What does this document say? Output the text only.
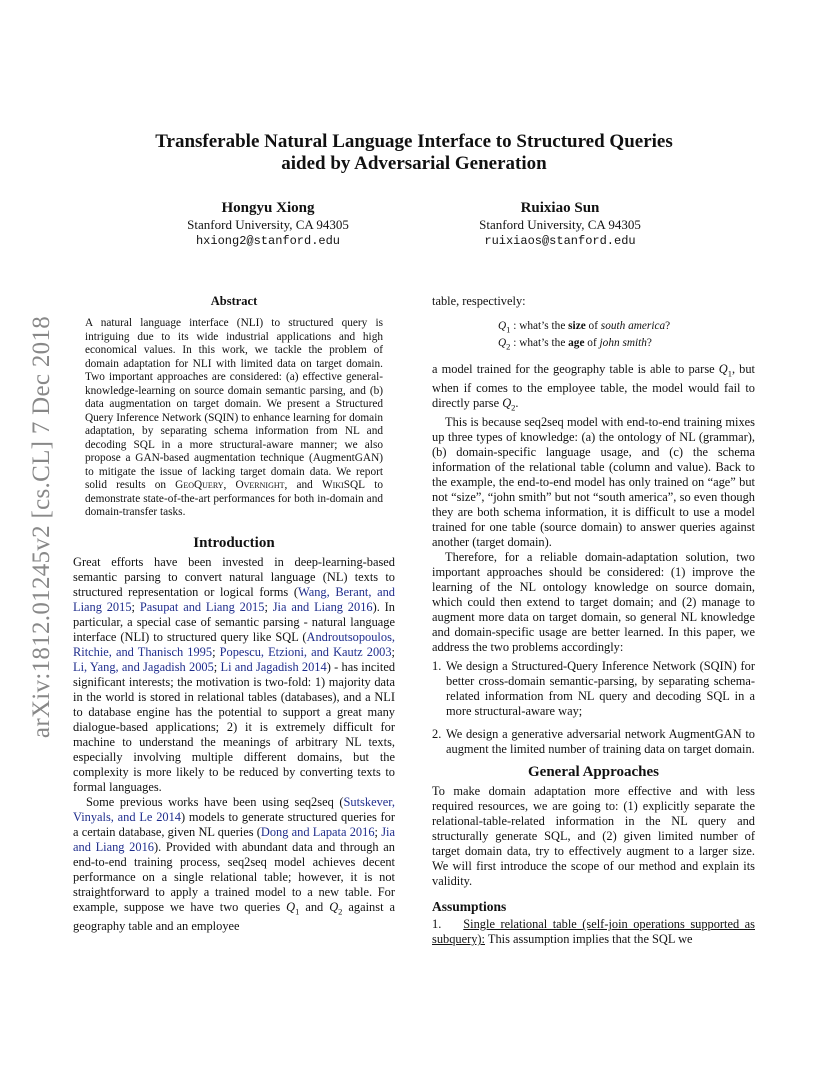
arXiv:1812.01245v2 [cs.CL] 7 Dec 2018
Transferable Natural Language Interface to Structured Queries
aided by Adversarial Generation
Hongyu Xiong
Stanford University, CA 94305
hxiong2@stanford.edu
Ruixiao Sun
Stanford University, CA 94305
ruixiaos@stanford.edu
Abstract

A natural language interface (NLI) to structured query is intriguing due to its wide industrial applications and high economical values. In this work, we tackle the problem of domain adaptation for NLI with limited data on target domain. Two important approaches are considered: (a) effective general-knowledge-learning on source domain semantic parsing, and (b) data augmentation on target domain. We present a Structured Query Inference Network (SQIN) to enhance learning for domain adaptation, by separating schema information from NL and decoding SQL in a more structural-aware manner; we also propose a GAN-based augmentation technique (AugmentGAN) to mitigate the issue of lacking target domain data. We report solid results on GeoQuery, Overnight, and WikiSQL to demonstrate state-of-the-art performances for both in-domain and domain-transfer tasks.

Introduction

Great efforts have been invested in deep-learning-based semantic parsing to convert natural language (NL) texts to structured representation or logical forms (Wang, Berant, and Liang 2015; Pasupat and Liang 2015; Jia and Liang 2016). In particular, a special case of semantic parsing - natural language interface (NLI) to structured query like SQL (Androutsopoulos, Ritchie, and Thanisch 1995; Popescu, Etzioni, and Kautz 2003; Li, Yang, and Jagadish 2005; Li and Jagadish 2014) - has incited significant interests; the motivation is two-fold: 1) majority data in the world is stored in relational tables (databases), and a NLI to database engine has the potential to support a great many dialogue-based applications; 2) it is extremely difficult for machine to understand the meanings of arbitrary NL texts, especially involving multiple different domains, but the complexity is more likely to be reduced by converting texts to formal languages.

Some previous works have been using seq2seq (Sutskever, Vinyals, and Le 2014) models to generate structured queries for a certain database, given NL queries (Dong and Lapata 2016; Jia and Liang 2016). Provided with abundant data and through an end-to-end training process, seq2seq model achieves decent performance on a single relational table; however, it is not straightforward to apply a trained model to a new table. For example, suppose we have two queries $Q_1$ and $Q_2$ against a geography table and an employee

table, respectively:

$Q_1$ : what’s the size of south america?
$Q_2$ : what’s the age of john smith?

a model trained for the geography table is able to parse $Q_1$, but when if comes to the employee table, the model would fail to directly parse $Q_2$.

This is because seq2seq model with end-to-end training mixes up three types of knowledge: (a) the ontology of NL (grammar), (b) domain-specific language usage, and (c) the schema information of the relational table (column and value). Back to the example, the end-to-end model has only trained on “age” but not “size”, “john smith” but not “south america”, so even though they are both schema information, it is difficult to use a model trained for one table (source domain) to answer queries against another (target domain).

Therefore, for a reliable domain-adaptation solution, two important approaches should be considered: (1) improve the learning of the NL ontology knowledge on source domain, which could then extend to target domain; and (2) manage to augment more data on target domain, so general NL knowledge and domain-specific usage are better learned. In this paper, we address the two problems accordingly:

1. We design a Structured-Query Inference Network (SQIN) for better cross-domain semantic-parsing, by separating schema-related information from NL query and decoding SQL in a more structural-aware way;
2. We design a generative adversarial network AugmentGAN to augment the limited number of training data on target domain.
General Approaches

To make domain adaptation more effective and with less required resources, we are going to: (1) explicitly separate the relational-table-related information in the NL query and structurally generate SQL, and (2) given limited number of target domain data, try to effectively augment to a larger size. We will first introduce the scope of our method and explain its validity.

Assumptions

1. Single relational table (self-join operations supported as subquery): This assumption implies that the SQL we
